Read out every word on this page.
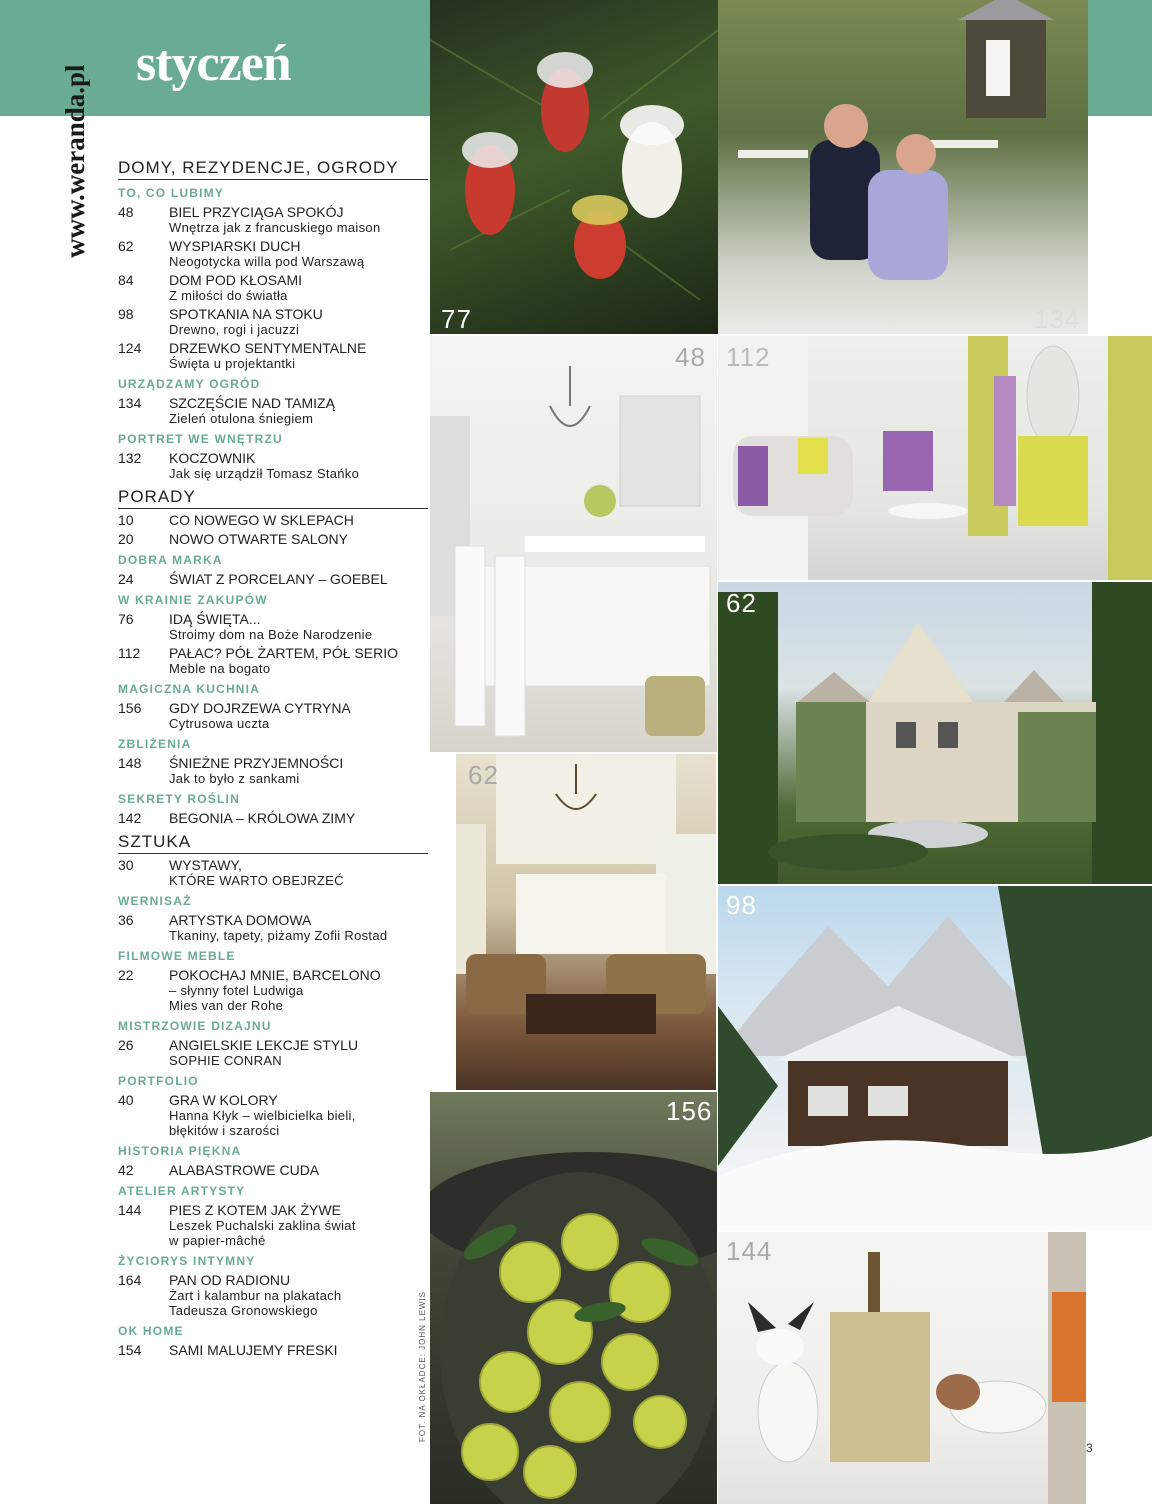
styczeń
www.weranda.pl DOMY, REZYDENCJE, OGRODY
TO, CO LUBIMY
48	BIEL PRZYCIĄGA SPOKÓJ
Wnętrza jak z francuskiego maison
62	WYSPIARSKI DUCH
Neogotycka willa pod Warszawą
84	DOM POD KŁOSAMI
Z miłości do światła
98	SPOTKANIA NA STOKU
Drewno, rogi i jacuzzi
124	DRZEWKO SENTYMENTALNE
Święta u projektantki
URZĄDZAMY OGRÓD
134	SZCZĘŚCIE NAD TAMIZĄ
Zieleń otulona śniegiem
PORTRET WE WNĘTRZU
132	KOCZOWNIK
Jak się urządził Tomasz Stańko
PORADY
10	CO NOWEGO W SKLEPACH
20	NOWO OTWARTE SALONY
DOBRA MARKA
24	ŚWIAT Z PORCELANY – GOEBEL
W KRAINIE ZAKUPÓW
76	IDĄ ŚWIĘTA...
Stroimy dom na Boże Narodzenie
112	PAŁAC? PÓŁ ŻARTEM, PÓŁ SERIO
Meble na bogato
MAGICZNA KUCHNIA
156	GDY DOJRZEWA CYTRYNA
Cytrusowa uczta
ZBLIŻENIA
148	ŚNIEŻNE PRZYJEMNOŚCI
Jak to było z sankami
SEKRETY ROŚLIN
142	BEGONIA – KRÓLOWA ZIMY
SZTUKA
30	WYSTAWY,
KTÓRE WARTO OBEJRZEĆ
WERNISAŻ
36	ARTYSTKA DOMOWA
Tkaniny, tapety, piżamy Zofii Rostad
FILMOWE MEBLE
22	POKOCHAJ MNIE, BARCELONO
– słynny fotel Ludwiga
Mies van der Rohe
MISTRZOWIE DIZAJNU
26	ANGIELSKIE LEKCJE STYLU
SOPHIE CONRAN
PORTFOLIO
40	GRA W KOLORY
Hanna Kłyk – wielbicielka bieli,
błękitów i szarości
HISTORIA PIĘKNA
42	ALABASTROWE CUDA
ATELIER ARTYSTY
144	PIES Z KOTEM JAK ŻYWE
Leszek Puchalski zaklina świat
w papier-mâché
ŻYCIORYS INTYMNY
164	PAN OD RADIONU
Żart i kalambur na plakatach
Tadeusza Gronowskiego
OK HOME
154	SAMI MALUJEMY FRESKI
77	134
48 112
62
62
98
156
144
FOT. NA OKŁADCE: JOHN LEWIS
3
